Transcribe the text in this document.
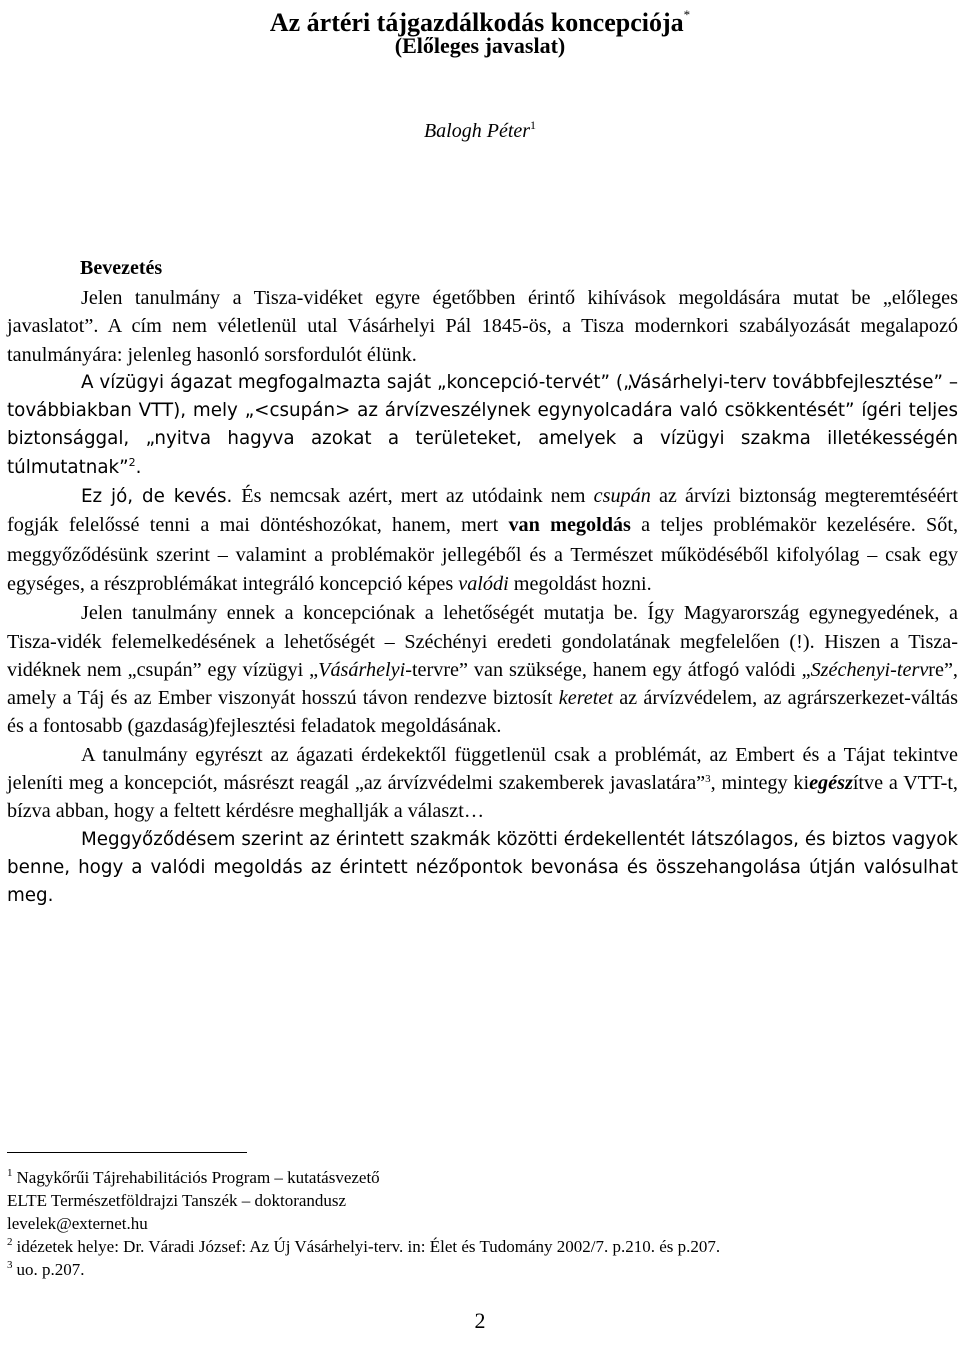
Az ártéri tájgazdálkodás koncepciója*
(Előleges javaslat)
Balogh Péter$^1$
Bevezetés

Jelen tanulmány a Tisza-vidéket egyre égetőbben érintő kihívások megoldására mutat be „előleges javaslatot”. A cím nem véletlenül utal Vásárhelyi Pál 1845-ös, a Tisza modernkori szabályozását megalapozó tanulmányára: jelenleg hasonló sorsfordulót élünk.

A vízügyi ágazat megfogalmazta saját „koncepció-tervét” („Vásárhelyi-terv továbbfejlesztése” – továbbiakban VTT), mely „<csupán> az árvízveszélynek egynyolcadára való csökkentését” ígéri teljes biztonsággal, „nyitva hagyva azokat a területeket, amelyek a vízügyi szakma illetékességén túlmutatnak”$^2$.

Ez jó, de kevés. És nemcsak azért, mert az utódaink nem csupán az árvízi biztonság megteremtéséért fogják felelőssé tenni a mai döntéshozókat, hanem, mert van megoldás a teljes problémakör kezelésére. Sőt, meggyőződésünk szerint – valamint a problémakör jellegéből és a Természet működéséből kifolyólag – csak egy egységes, a részproblémákat integráló koncepció képes valódi megoldást hozni.

Jelen tanulmány ennek a koncepciónak a lehetőségét mutatja be. Így Magyarország egynegyedének, a Tisza-vidék felemelkedésének a lehetőségét – Széchényi eredeti gondolatának megfelelően (!). Hiszen a Tisza-vidéknek nem „csupán” egy vízügyi „Vásárhelyi-tervre” van szüksége, hanem egy átfogó valódi „Széchenyi-tervre”, amely a Táj és az Ember viszonyát hosszú távon rendezve biztosít keretet az árvízvédelem, az agrárszerkezet-váltás és a fontosabb (gazdaság)fejlesztési feladatok megoldásának.

A tanulmány egyrészt az ágazati érdekektől függetlenül csak a problémát, az Embert és a Tájat tekintve jeleníti meg a koncepciót, másrészt reagál „az árvízvédelmi szakemberek javaslatára”$^3$, mintegy kiegészítve a VTT-t, bízva abban, hogy a feltett kérdésre meghallják a választ…

Meggyőződésem szerint az érintett szakmák közötti érdekellentét látszólagos, és biztos vagyok benne, hogy a valódi megoldás az érintett nézőpontok bevonása és összehangolása útján valósulhat meg.

$^1$ Nagykőrűi Tájrehabilitációs Program – kutatásvezető
ELTE Természetföldrajzi Tanszék – doktorandusz
levelek@externet.hu
$^2$ idézetek helye: Dr. Váradi József: Az Új Vásárhelyi-terv. in: Élet és Tudomány 2002/7. p.210. és p.207.
$^3$ uo. p.207.
2
